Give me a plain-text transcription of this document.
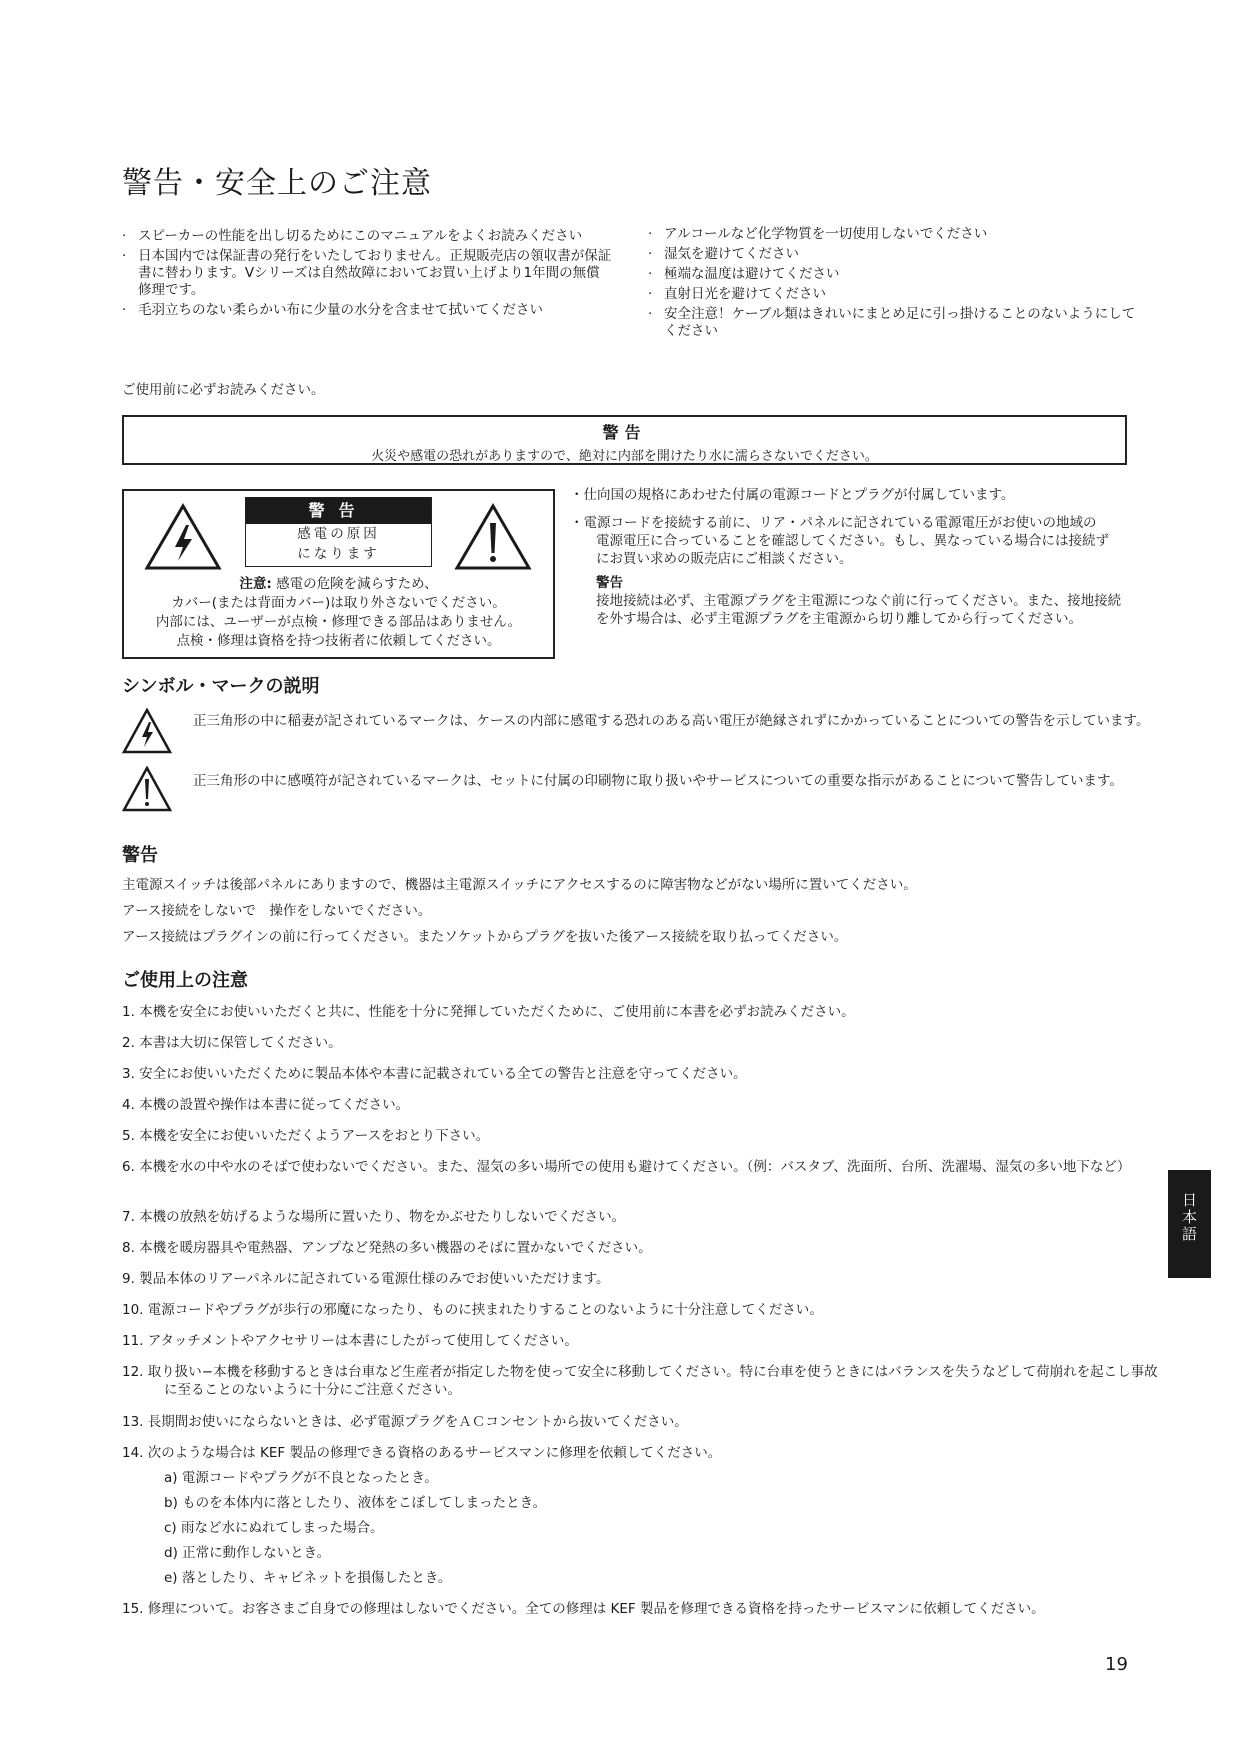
警告・安全上のご注意
· スピーカーの性能を出し切るためにこのマニュアルをよくお読みください
· 日本国内では保証書の発行をいたしておりません。正規販売店の領収書が保証書に替わります。Vシリーズは自然故障においてお買い上げより1年間の無償修理です。
· 毛羽立ちのない柔らかい布に少量の水分を含ませて拭いてください
· アルコールなど化学物質を一切使用しないでください
· 湿気を避けてください
· 極端な温度は避けてください
· 直射日光を避けてください
· 安全注意！ケーブル類はきれいにまとめ足に引っ掛けることのないようにしてください
ご使用前に必ずお読みください。
警告
火災や感電の恐れがありますので、絶対に内部を開けたり水に濡らさないでください。
警告
感電の原因
になります
注意: 感電の危険を減らすため、
カバー(または背面カバー)は取り外さないでください。
内部には、ユーザーが点検・修理できる部品はありません。
点検・修理は資格を持つ技術者に依頼してください。
・仕向国の規格にあわせた付属の電源コードとプラグが付属しています。
・電源コードを接続する前に、リア・パネルに記されている電源電圧がお使いの地域の
電源電圧に合っていることを確認してください。もし、異なっている場合には接続ず
にお買い求めの販売店にご相談ください。
警告
接地接続は必ず、主電源プラグを主電源につなぐ前に行ってください。また、接地接続
を外す場合は、必ず主電源プラグを主電源から切り離してから行ってください。
シンボル・マークの説明
正三角形の中に稲妻が記されているマークは、ケースの内部に感電する恐れのある高い電圧が絶縁されずにかかっていることについての警告を示しています。
正三角形の中に感嘆符が記されているマークは、セットに付属の印刷物に取り扱いやサービスについての重要な指示があることについて警告しています。
警告
主電源スイッチは後部パネルにありますので、機器は主電源スイッチにアクセスするのに障害物などがない場所に置いてください。
アース接続をしないで　操作をしないでください。
アース接続はプラグインの前に行ってください。またソケットからプラグを抜いた後アース接続を取り払ってください。
ご使用上の注意
1. 本機を安全にお使いいただくと共に、性能を十分に発揮していただくために、ご使用前に本書を必ずお読みください。
2. 本書は大切に保管してください。
3. 安全にお使いいただくために製品本体や本書に記載されている全ての警告と注意を守ってください。
4. 本機の設置や操作は本書に従ってください。
5. 本機を安全にお使いいただくようアースをおとり下さい。
6. 本機を水の中や水のそばで使わないでください。また、湿気の多い場所での使用も避けてください。（例：バスタブ、洗面所、台所、洗濯場、湿気の多い地下など）
7. 本機の放熱を妨げるような場所に置いたり、物をかぶせたりしないでください。
8. 本機を暖房器具や電熱器、アンプなど発熱の多い機器のそばに置かないでください。
9. 製品本体のリアーパネルに記されている電源仕様のみでお使いいただけます。
10. 電源コードやプラグが歩行の邪魔になったり、ものに挟まれたりすることのないように十分注意してください。
11. アタッチメントやアクセサリーは本書にしたがって使用してください。
12. 取り扱い−本機を移動するときは台車など生産者が指定した物を使って安全に移動してください。特に台車を使うときにはバランスを失うなどして荷崩れを起こし事故に至ることのないように十分にご注意ください。
13. 長期間お使いにならないときは、必ず電源プラグをＡＣコンセントから抜いてください。
14. 次のような場合は KEF 製品の修理できる資格のあるサービスマンに修理を依頼してください。
a) 電源コードやプラグが不良となったとき。
b) ものを本体内に落としたり、液体をこぼしてしまったとき。
c) 雨など水にぬれてしまった場合。
d) 正常に動作しないとき。
e) 落としたり、キャビネットを損傷したとき。
15. 修理について。お客さまご自身での修理はしないでください。全ての修理は KEF 製品を修理できる資格を持ったサービスマンに依頼してください。
日本語
19
